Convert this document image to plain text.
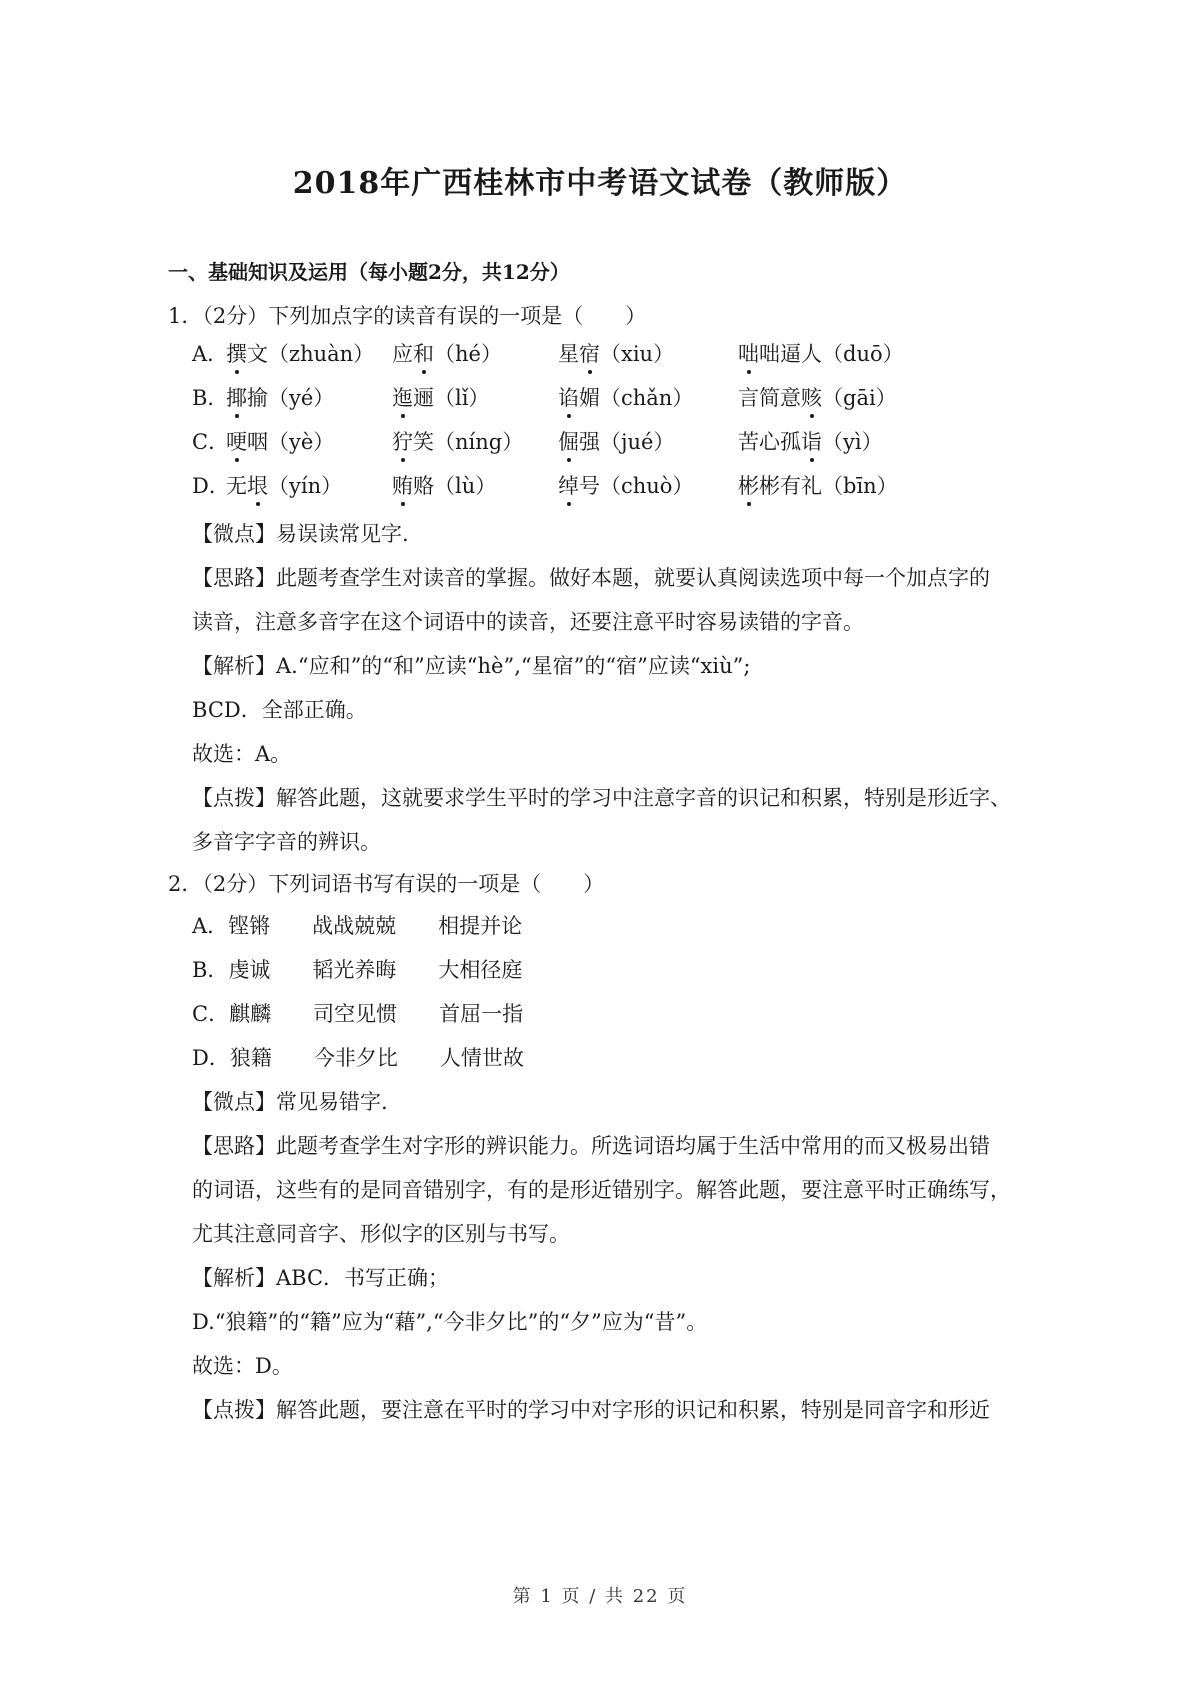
2018年广西桂林市中考语文试卷（教师版）
一、基础知识及运用（每小题2分，共12分）
1．（2分）下列加点字的读音有误的一项是（　　）
A．
撰文（zhuàn） 应和（hé）	星宿（xiu）	咄咄逼人（duō）
B．
揶揄（yé）	迤逦（lǐ）	谄媚（chǎn） 言简意赅（gāi）
C．
哽咽（yè）	狞笑（níng） 倔强（jué）	苦心孤诣（yì）
D．
无垠（yín） 贿赂（lù）	绰号（chuò） 彬彬有礼（bīn）
【微点】易误读常见字.
【思路】此题考查学生对读音的掌握。做好本题，就要认真阅读选项中每一个加点字的
读音，注意多音字在这个词语中的读音，还要注意平时容易读错的字音。
【解析】A.“应和”的“和”应读“hè”,“星宿”的“宿”应读“xiù”;
BCD．全部正确。
故选：A。
【点拨】解答此题，这就要求学生平时的学习中注意字音的识记和积累，特别是形近字、
多音字字音的辨识。
2．（2分）下列词语书写有误的一项是（　　）
A．铿锵　　战战兢兢　　相提并论
B．虔诚　　韬光养晦　　大相径庭
C．麒麟　　司空见惯　　首屈一指
D．狼籍　　今非夕比　　人情世故
【微点】常见易错字.
【思路】此题考查学生对字形的辨识能力。所选词语均属于生活中常用的而又极易出错
的词语，这些有的是同音错别字，有的是形近错别字。解答此题，要注意平时正确练写，
尤其注意同音字、形似字的区别与书写。
【解析】ABC．书写正确；
D.“狼籍”的“籍”应为“藉”,“今非夕比”的“夕”应为“昔”。
故选：D。
【点拨】解答此题，要注意在平时的学习中对字形的识记和积累，特别是同音字和形近
第 1 页 / 共 22 页
